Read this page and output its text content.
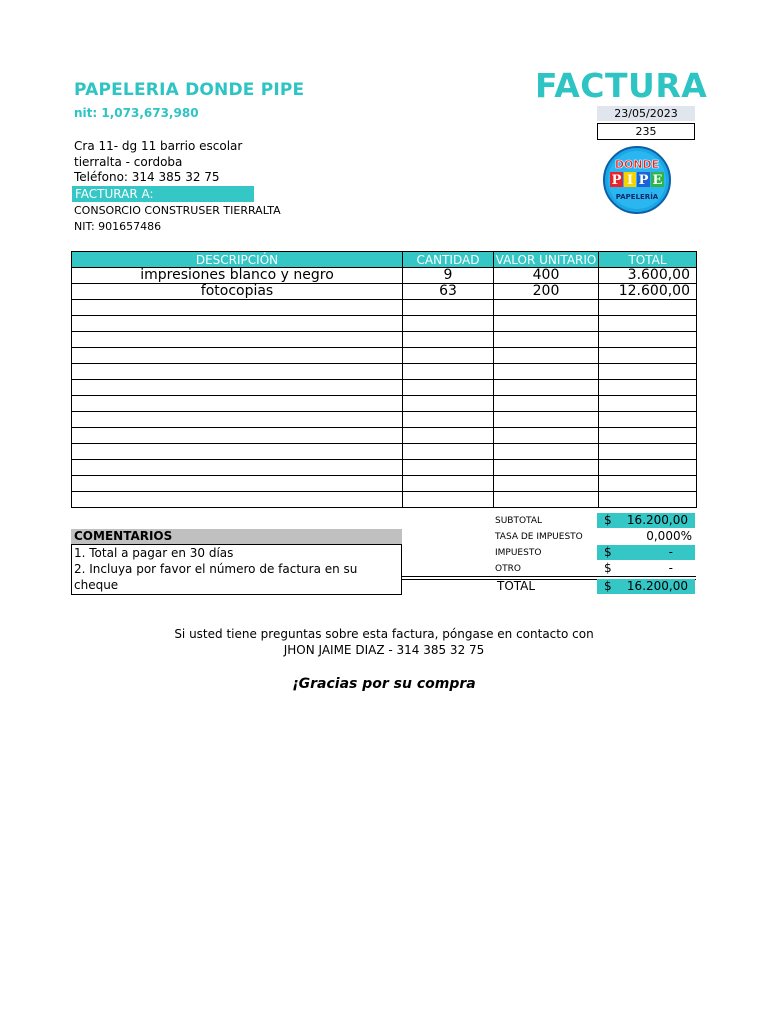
PAPELERIA DONDE PIPE
nit: 1,073,673,980
FACTURA
23/05/2023
235
Cra 11- dg 11 barrio escolar
tierralta - cordoba
Teléfono: 314 385 32 75
FACTURAR A:
CONSORCIO CONSTRUSER TIERRALTA
NIT: 901657486
DONDE
P I P E
PAPELERÍA
DESCRIPCIÓN	CANTIDAD	VALOR UNITARIO	TOTAL
impresiones blanco y negro	9	400	3.600,00
fotocopias	63	200	12.600,00

COMENTARIOS
1. Total a pagar en 30 días
2. Incluya por favor el número de factura en su cheque
SUBTOTAL	$ 16.200,00
TASA DE IMPUESTO	0,000%
IMPUESTO	$	-
OTRO	$	-
TOTAL	$ 16.200,00
Si usted tiene preguntas sobre esta factura, póngase en contacto con
JHON JAIME DIAZ - 314 385 32 75
¡Gracias por su compra
